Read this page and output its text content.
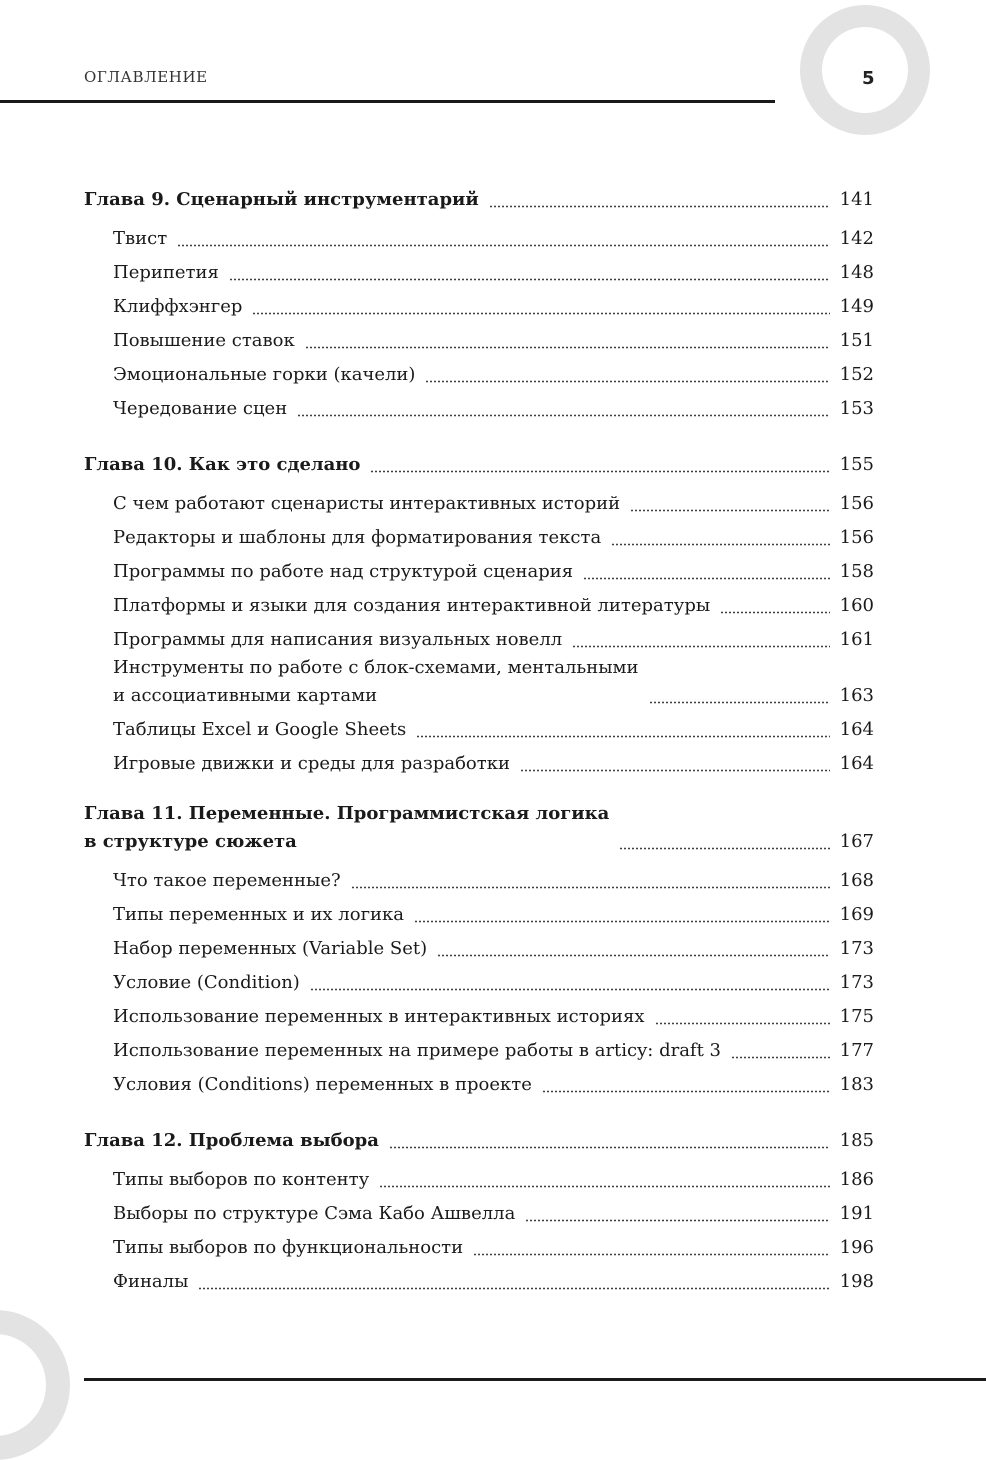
ОГЛАВЛЕНИЕ	5
Глава 9. Сценарный инструментарий	141
Твист	142
Перипетия	148
Клиффхэнгер	149
Повышение ставок	151
Эмоциональные горки (качели)	152
Чередование сцен	153
Глава 10. Как это сделано	155
С чем работают сценаристы интерактивных историй	156
Редакторы и шаблоны для форматирования текста	156
Программы по работе над структурой сценария	158
Платформы и языки для создания интерактивной литературы	160
Программы для написания визуальных новелл	161
Инструменты по работе с блок-схемами, ментальными
и ассоциативными картами	163
Таблицы Excel и Google Sheets	164
Игровые движки и среды для разработки	164
Глава 11. Переменные. Программистская логика
в структуре сюжета	167
Что такое переменные?	168
Типы переменных и их логика	169
Набор переменных (Variable Set)	173
Условие (Condition)	173
Использование переменных в интерактивных историях	175
Использование переменных на примере работы в articy: draft 3	177
Условия (Conditions) переменных в проекте	183
Глава 12. Проблема выбора	185
Типы выборов по контенту	186
Выборы по структуре Сэма Кабо Ашвелла	191
Типы выборов по функциональности	196
Финалы	198
